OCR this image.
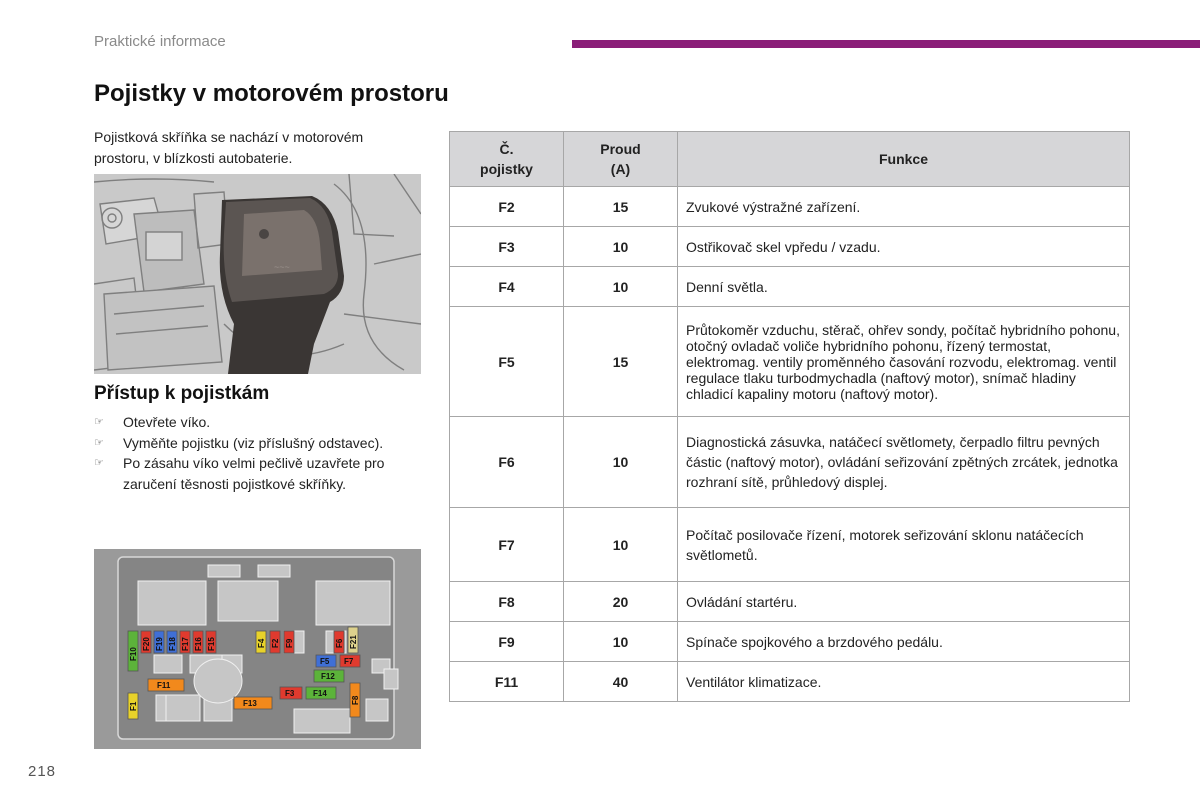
Praktické informace
Pojistky v motorovém prostoru

Pojistková skříňka se nachází v motorovém prostoru, v blízkosti autobaterie.

~~~
Přístup k pojistkám
☞ Otevřete víko.
☞ Vyměňte pojistku (viz příslušný odstavec).
☞ Po zásahu víko velmi pečlivě uzavřete pro zaručení těsnosti pojistkové skříňky.
F10
F20 F19 F18 F17 F16 F15	F4 F2 F9	F6 F21
F5 F7
F12
F11
F3 F14
F8
F1	F13
Č. pojistky	Proud (A)	Funkce
F2	15	Zvukové výstražné zařízení.
F3	10	Ostřikovač skel vpředu / vzadu.
F4	10	Denní světla.
F5	15	Průtokoměr vzduchu, stěrač, ohřev sondy, počítač hybridního pohonu, otočný ovladač voliče hybridního pohonu, řízený termostat, elektromag. ventily proměnného časování rozvodu, elektromag. ventil regulace tlaku turbodmychadla (naftový motor), snímač hladiny chladicí kapaliny motoru (naftový motor).
F6	10	Diagnostická zásuvka, natáčecí světlomety, čerpadlo filtru pevných částic (naftový motor), ovládání seřizování zpětných zrcátek, jednotka rozhraní sítě, průhledový displej.
F7	10	Počítač posilovače řízení, motorek seřizování sklonu natáčecích světlometů.
F8	20	Ovládání startéru.
F9	10	Spínače spojkového a brzdového pedálu.
F11	40	Ventilátor klimatizace.
218
